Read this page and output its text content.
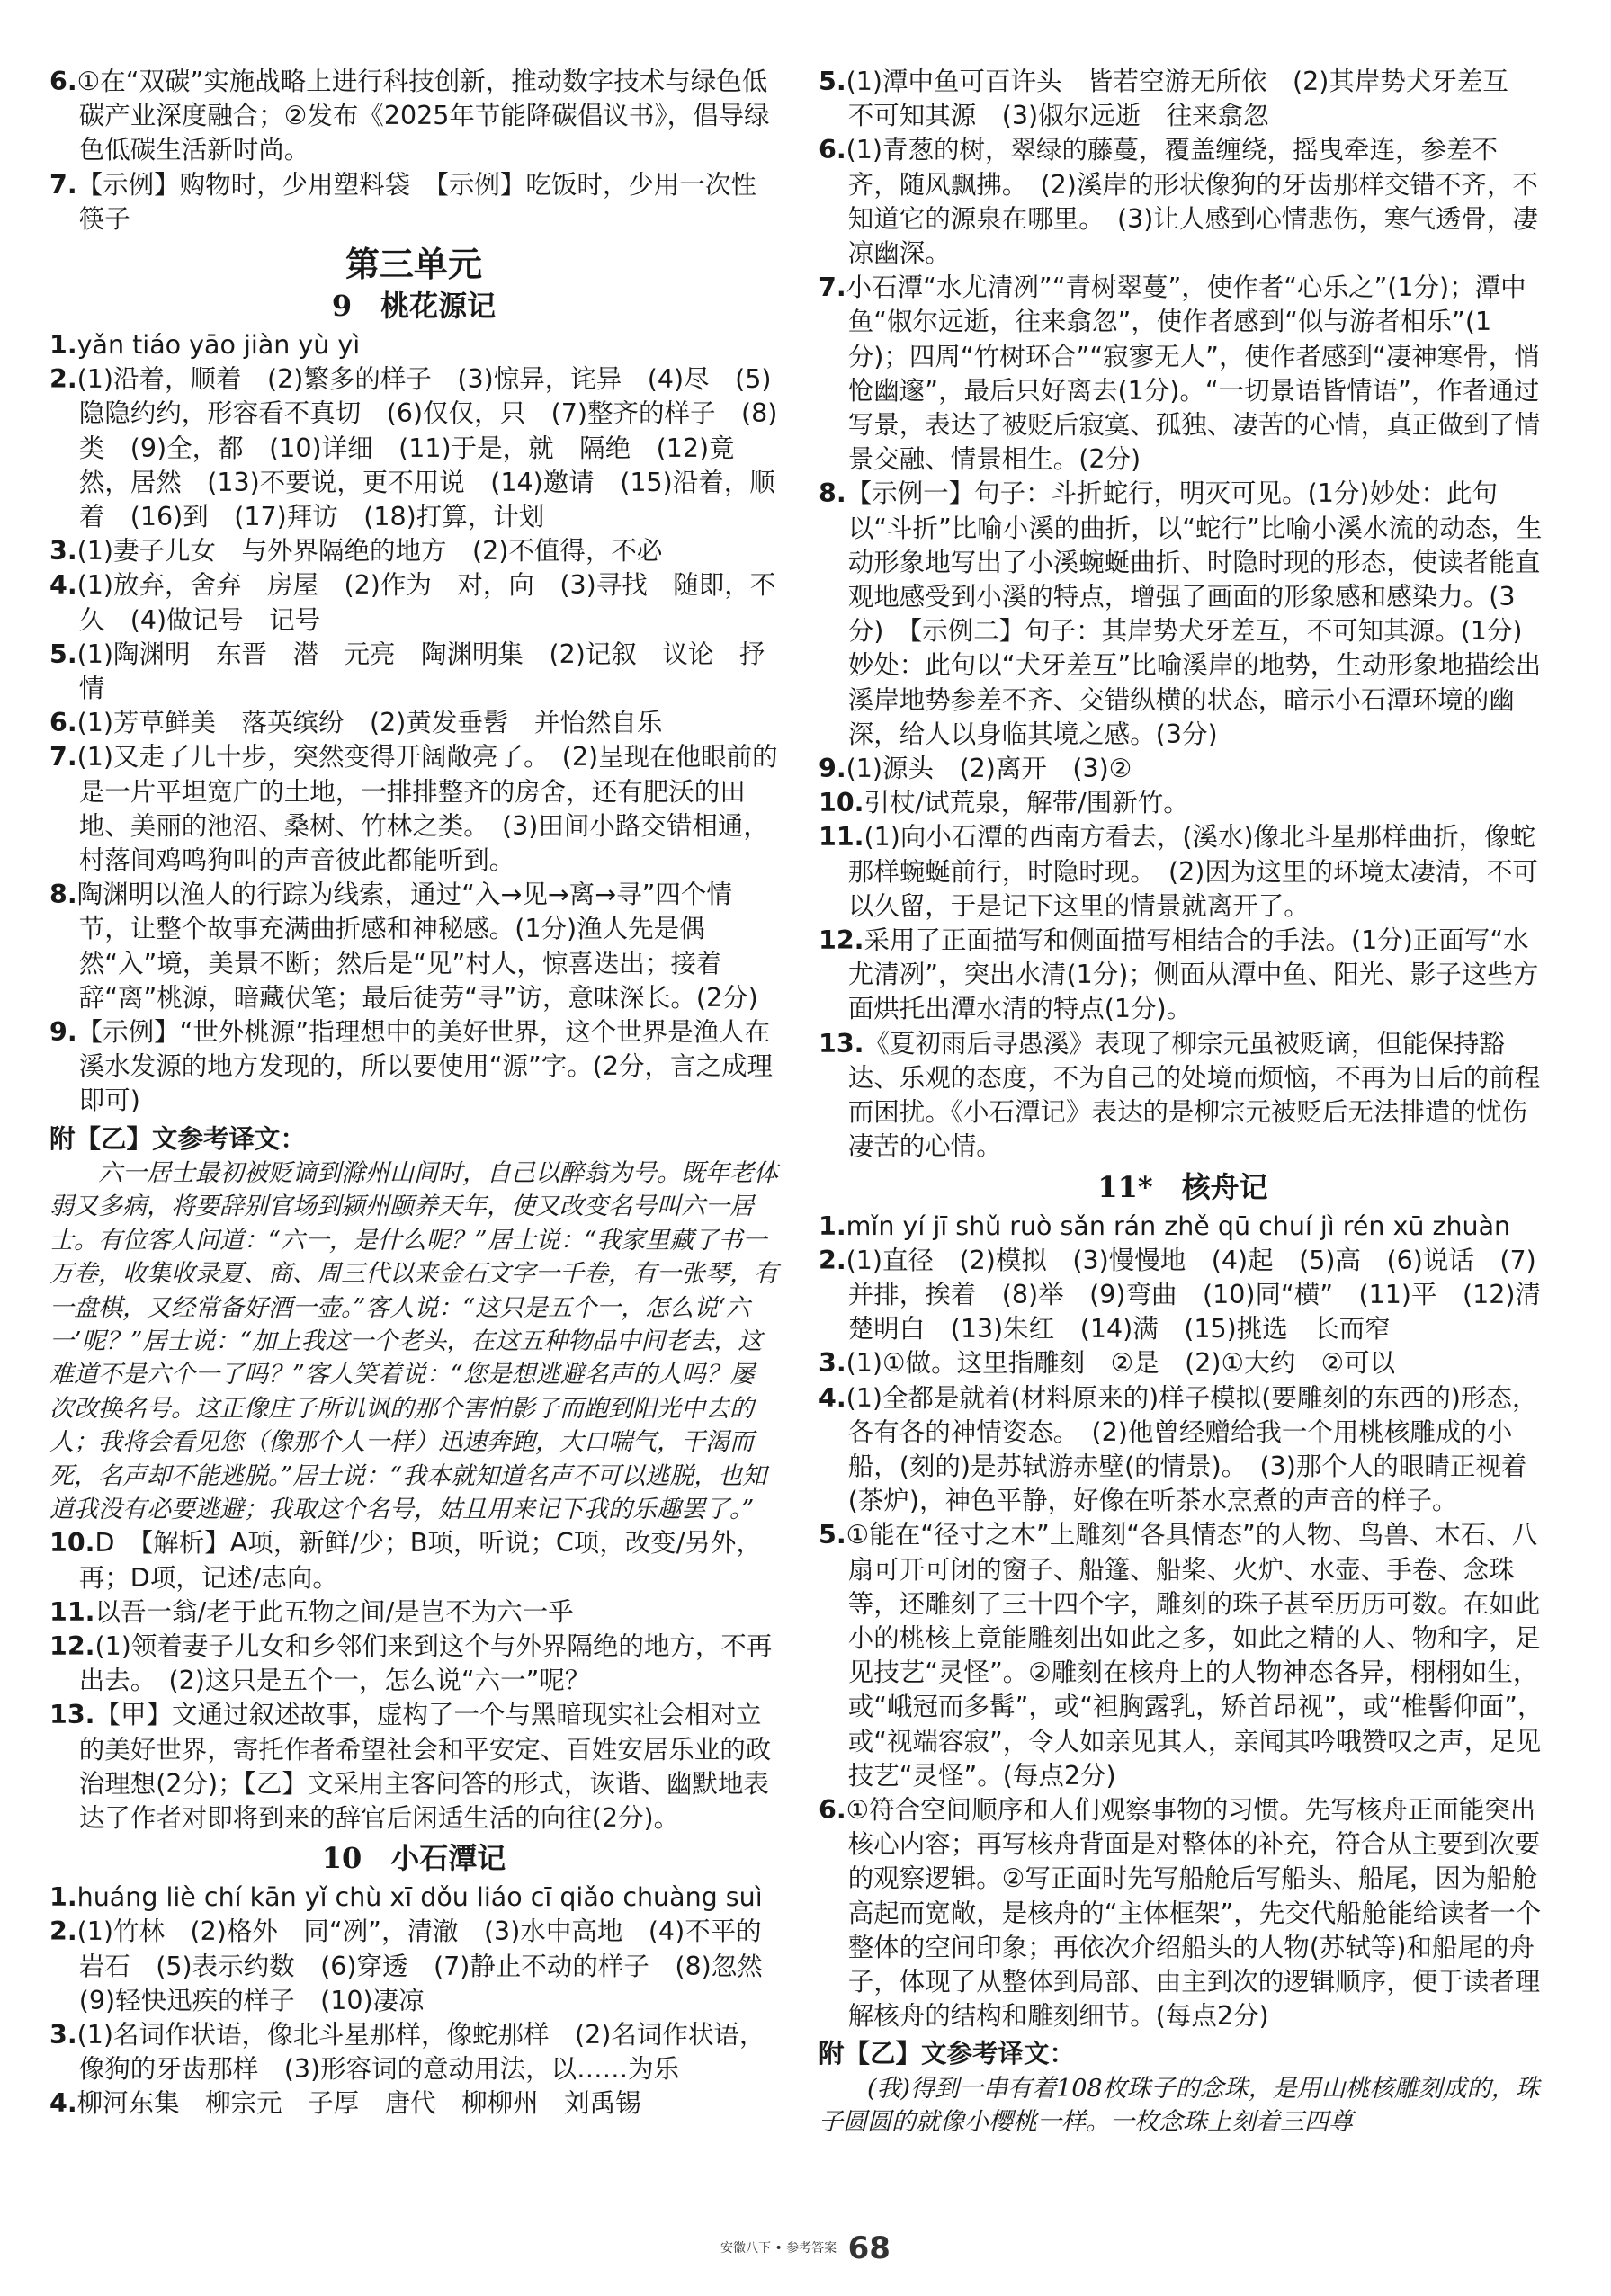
6.①在“双碳”实施战略上进行科技创新，推动数字技术与绿色低碳产业深度融合；②发布《2025年节能降碳倡议书》，倡导绿色低碳生活新时尚。

7.【示例】购物时，少用塑料袋　【示例】吃饭时，少用一次性筷子

第三单元
9　桃花源记

1.yǎn tiáo yāo jiàn yù yì

2.(1)沿着，顺着　(2)繁多的样子　(3)惊异，诧异　(4)尽　(5)隐隐约约，形容看不真切　(6)仅仅，只　(7)整齐的样子　(8)类　(9)全，都　(10)详细　(11)于是，就　隔绝　(12)竟然，居然　(13)不要说，更不用说　(14)邀请　(15)沿着，顺着　(16)到　(17)拜访　(18)打算，计划

3.(1)妻子儿女　与外界隔绝的地方　(2)不值得，不必

4.(1)放弃，舍弃　房屋　(2)作为　对，向　(3)寻找　随即，不久　(4)做记号　记号

5.(1)陶渊明　东晋　潜　元亮　陶渊明集　(2)记叙　议论　抒情

6.(1)芳草鲜美　落英缤纷　(2)黄发垂髫　并怡然自乐

7.(1)又走了几十步，突然变得开阔敞亮了。　(2)呈现在他眼前的是一片平坦宽广的土地，一排排整齐的房舍，还有肥沃的田地、美丽的池沼、桑树、竹林之类。　(3)田间小路交错相通，村落间鸡鸣狗叫的声音彼此都能听到。

8.陶渊明以渔人的行踪为线索，通过“入→见→离→寻”四个情节，让整个故事充满曲折感和神秘感。(1分)渔人先是偶然“入”境，美景不断；然后是“见”村人，惊喜迭出；接着辞“离”桃源，暗藏伏笔；最后徒劳“寻”访，意味深长。(2分)

9.【示例】“世外桃源”指理想中的美好世界，这个世界是渔人在溪水发源的地方发现的，所以要使用“源”字。(2分，言之成理即可)

附【乙】文参考译文：

六一居士最初被贬谪到滁州山间时，自己以醉翁为号。既年老体弱又多病，将要辞别官场到颍州颐养天年，使又改变名号叫六一居士。有位客人问道：“六一，是什么呢？”居士说：“我家里藏了书一万卷，收集收录夏、商、周三代以来金石文字一千卷，有一张琴，有一盘棋，又经常备好酒一壶。”客人说：“这只是五个一，怎么说‘六一’呢？”居士说：“加上我这一个老头，在这五种物品中间老去，这难道不是六个一了吗？”客人笑着说：“您是想逃避名声的人吗？屡次改换名号。这正像庄子所讥讽的那个害怕影子而跑到阳光中去的人；我将会看见您（像那个人一样）迅速奔跑，大口喘气，干渴而死，名声却不能逃脱。”居士说：“我本就知道名声不可以逃脱，也知道我没有必要逃避；我取这个名号，姑且用来记下我的乐趣罢了。”

10.D　【解析】A项，新鲜/少；B项，听说；C项，改变/另外，再；D项，记述/志向。

11.以吾一翁/老于此五物之间/是岂不为六一乎

12.(1)领着妻子儿女和乡邻们来到这个与外界隔绝的地方，不再出去。　(2)这只是五个一，怎么说“六一”呢？

13.【甲】文通过叙述故事，虚构了一个与黑暗现实社会相对立的美好世界，寄托作者希望社会和平安定、百姓安居乐业的政治理想(2分)；【乙】文采用主客问答的形式，诙谐、幽默地表达了作者对即将到来的辞官后闲适生活的向往(2分)。

10　小石潭记

1.huáng liè chí kān yǐ chù xī dǒu liáo cī qiǎo chuàng suì

2.(1)竹林　(2)格外　同“冽”，清澈　(3)水中高地　(4)不平的岩石　(5)表示约数　(6)穿透　(7)静止不动的样子　(8)忽然　(9)轻快迅疾的样子　(10)凄凉

3.(1)名词作状语，像北斗星那样，像蛇那样　(2)名词作状语，像狗的牙齿那样　(3)形容词的意动用法，以……为乐

4.柳河东集　柳宗元　子厚　唐代　柳柳州　刘禹锡

5.(1)潭中鱼可百许头　皆若空游无所依　(2)其岸势犬牙差互　不可知其源　(3)俶尔远逝　往来翕忽

6.(1)青葱的树，翠绿的藤蔓，覆盖缠绕，摇曳牵连，参差不齐，随风飘拂。　(2)溪岸的形状像狗的牙齿那样交错不齐，不知道它的源泉在哪里。　(3)让人感到心情悲伤，寒气透骨，凄凉幽深。

7.小石潭“水尤清冽”“青树翠蔓”，使作者“心乐之”(1分)；潭中鱼“俶尔远逝，往来翕忽”，使作者感到“似与游者相乐”(1分)；四周“竹树环合”“寂寥无人”，使作者感到“凄神寒骨，悄怆幽邃”，最后只好离去(1分)。“一切景语皆情语”，作者通过写景，表达了被贬后寂寞、孤独、凄苦的心情，真正做到了情景交融、情景相生。(2分)

8.【示例一】句子：斗折蛇行，明灭可见。(1分)妙处：此句以“斗折”比喻小溪的曲折，以“蛇行”比喻小溪水流的动态，生动形象地写出了小溪蜿蜒曲折、时隐时现的形态，使读者能直观地感受到小溪的特点，增强了画面的形象感和感染力。(3分)　【示例二】句子：其岸势犬牙差互，不可知其源。(1分)妙处：此句以“犬牙差互”比喻溪岸的地势，生动形象地描绘出溪岸地势参差不齐、交错纵横的状态，暗示小石潭环境的幽深，给人以身临其境之感。(3分)

9.(1)源头　(2)离开　(3)②

10.引杖/试荒泉，解带/围新竹。

11.(1)向小石潭的西南方看去，(溪水)像北斗星那样曲折，像蛇那样蜿蜒前行，时隐时现。　(2)因为这里的环境太凄清，不可以久留，于是记下这里的情景就离开了。

12.采用了正面描写和侧面描写相结合的手法。(1分)正面写“水尤清冽”，突出水清(1分)；侧面从潭中鱼、阳光、影子这些方面烘托出潭水清的特点(1分)。

13.《夏初雨后寻愚溪》表现了柳宗元虽被贬谪，但能保持豁达、乐观的态度，不为自己的处境而烦恼，不再为日后的前程而困扰。《小石潭记》表达的是柳宗元被贬后无法排遣的忧伤凄苦的心情。

11*　核舟记

1.mǐn yí jī shǔ ruò sǎn rán zhě qū chuí jì rén xū zhuàn

2.(1)直径　(2)模拟　(3)慢慢地　(4)起　(5)高　(6)说话　(7)并排，挨着　(8)举　(9)弯曲　(10)同“横”　(11)平　(12)清楚明白　(13)朱红　(14)满　(15)挑选　长而窄

3.(1)①做。这里指雕刻　②是　(2)①大约　②可以

4.(1)全都是就着(材料原来的)样子模拟(要雕刻的东西的)形态，各有各的神情姿态。　(2)他曾经赠给我一个用桃核雕成的小船，(刻的)是苏轼游赤壁(的情景)。　(3)那个人的眼睛正视着(茶炉)，神色平静，好像在听茶水烹煮的声音的样子。

5.①能在“径寸之木”上雕刻“各具情态”的人物、鸟兽、木石、八扇可开可闭的窗子、船篷、船桨、火炉、水壶、手卷、念珠等，还雕刻了三十四个字，雕刻的珠子甚至历历可数。在如此小的桃核上竟能雕刻出如此之多，如此之精的人、物和字，足见技艺“灵怪”。②雕刻在核舟上的人物神态各异，栩栩如生，或“峨冠而多髯”，或“袒胸露乳，矫首昂视”，或“椎髻仰面”，或“视端容寂”，令人如亲见其人，亲闻其吟哦赞叹之声，足见技艺“灵怪”。(每点2分)

6.①符合空间顺序和人们观察事物的习惯。先写核舟正面能突出核心内容；再写核舟背面是对整体的补充，符合从主要到次要的观察逻辑。②写正面时先写船舱后写船头、船尾，因为船舱高起而宽敞，是核舟的“主体框架”，先交代船舱能给读者一个整体的空间印象；再依次介绍船头的人物(苏轼等)和船尾的舟子，体现了从整体到局部、由主到次的逻辑顺序，便于读者理解核舟的结构和雕刻细节。(每点2分)

附【乙】文参考译文：

(我)得到一串有着108枚珠子的念珠，是用山桃核雕刻成的，珠子圆圆的就像小樱桃一样。一枚念珠上刻着三四尊

安徽八下 • 参考答案 68
